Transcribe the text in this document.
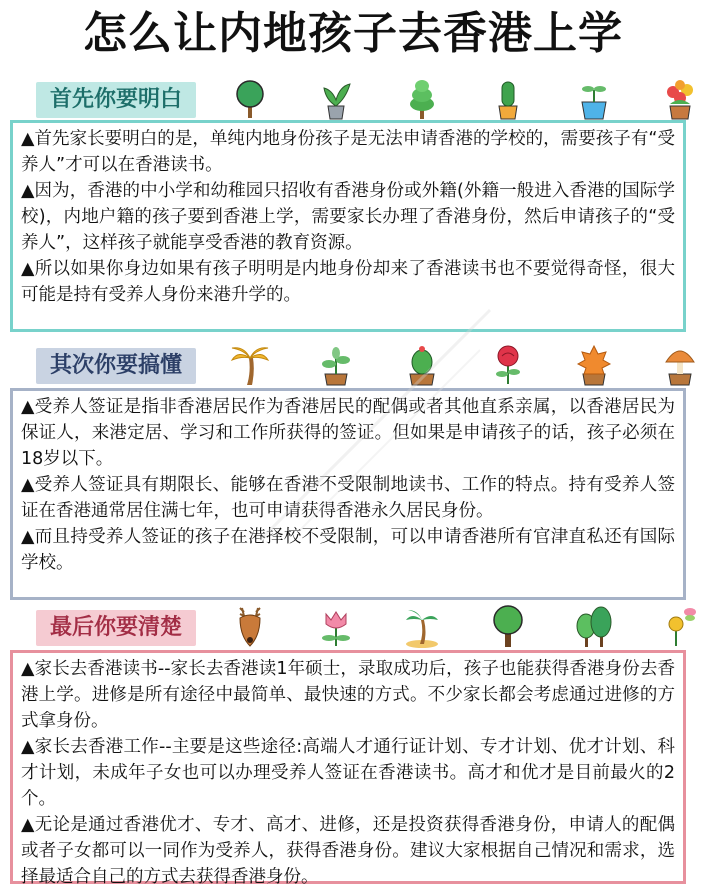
怎么让内地孩子去香港上学
首先你要明白

▲首先家长要明白的是，单纯内地身份孩子是无法申请香港的学校的，需要孩子有“受养人”才可以在香港读书。

▲因为，香港的中小学和幼稚园只招收有香港身份或外籍(外籍一般进入香港的国际学校)，内地户籍的孩子要到香港上学，需要家长办理了香港身份，然后申请孩子的“受养人”，这样孩子就能享受香港的教育资源。

▲所以如果你身边如果有孩子明明是内地身份却来了香港读书也不要觉得奇怪，很大可能是持有受养人身份来港升学的。

其次你要搞懂

▲受养人签证是指非香港居民作为香港居民的配偶或者其他直系亲属，以香港居民为保证人，来港定居、学习和工作所获得的签证。但如果是申请孩子的话，孩子必须在18岁以下。

▲受养人签证具有期限长、能够在香港不受限制地读书、工作的特点。持有受养人签证在香港通常居住满七年，也可申请获得香港永久居民身份。

▲而且持受养人签证的孩子在港择校不受限制，可以申请香港所有官津直私还有国际学校。

最后你要清楚

▲家长去香港读书--家长去香港读1年硕士，录取成功后，孩子也能获得香港身份去香港上学。进修是所有途径中最简单、最快速的方式。不少家长都会考虑通过进修的方式拿身份。

▲家长去香港工作--主要是这些途径:高端人才通行证计划、专才计划、优才计划、科才计划，未成年子女也可以办理受养人签证在香港读书。高才和优才是目前最火的2个。

▲无论是通过香港优才、专才、高才、进修，还是投资获得香港身份，申请人的配偶或者子女都可以一同作为受养人，获得香港身份。建议大家根据自己情况和需求，选择最适合自己的方式去获得香港身份。
